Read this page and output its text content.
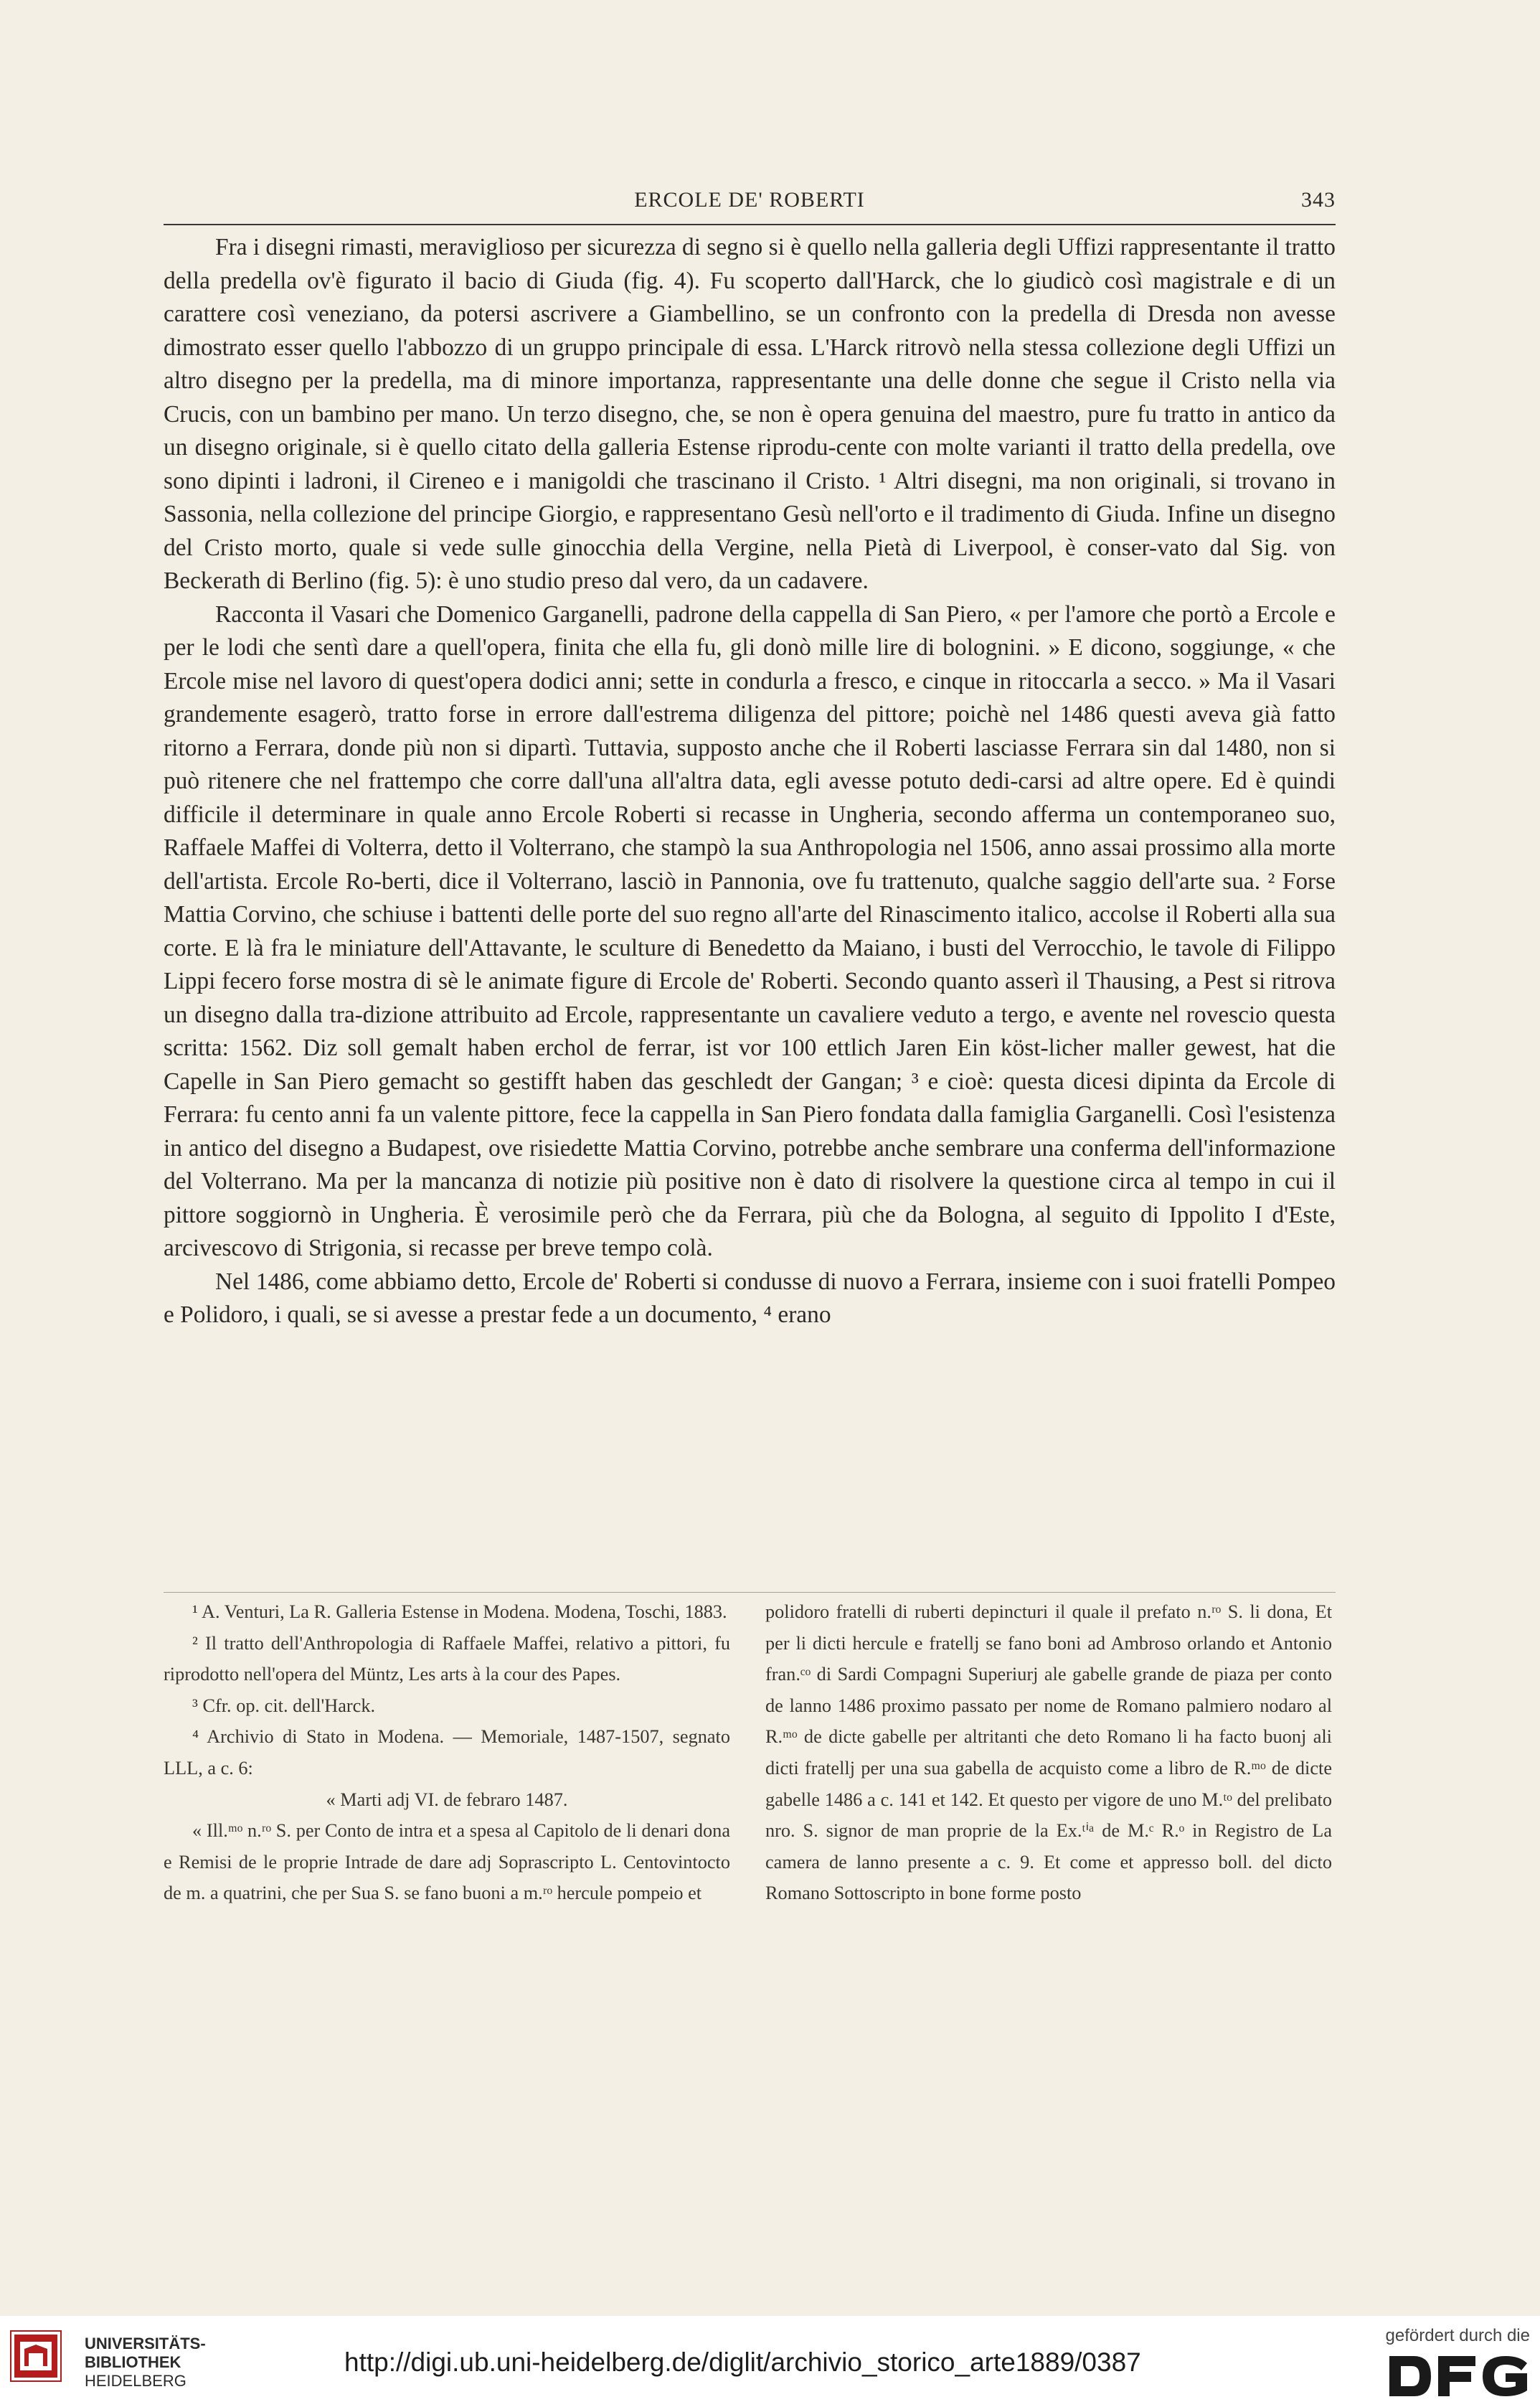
ERCOLE DE' ROBERTI	343

Fra i disegni rimasti, meraviglioso per sicurezza di segno si è quello nella galleria degli Uffizi rappresentante il tratto della predella ov'è figurato il bacio di Giuda (fig. 4). Fu scoperto dall'Harck, che lo giudicò così magistrale e di un carattere così veneziano, da potersi ascrivere a Giambellino, se un confronto con la predella di Dresda non avesse dimostrato esser quello l'abbozzo di un gruppo principale di essa. L'Harck ritrovò nella stessa collezione degli Uffizi un altro disegno per la predella, ma di minore importanza, rappresentante una delle donne che segue il Cristo nella via Crucis, con un bambino per mano. Un terzo disegno, che, se non è opera genuina del maestro, pure fu tratto in antico da un disegno originale, si è quello citato della galleria Estense riprodu-cente con molte varianti il tratto della predella, ove sono dipinti i ladroni, il Cireneo e i manigoldi che trascinano il Cristo. ¹ Altri disegni, ma non originali, si trovano in Sassonia, nella collezione del principe Giorgio, e rappresentano Gesù nell'orto e il tradimento di Giuda. Infine un disegno del Cristo morto, quale si vede sulle ginocchia della Vergine, nella Pietà di Liverpool, è conser-vato dal Sig. von Beckerath di Berlino (fig. 5): è uno studio preso dal vero, da un cadavere.

Racconta il Vasari che Domenico Garganelli, padrone della cappella di San Piero, « per l'amore che portò a Ercole e per le lodi che sentì dare a quell'opera, finita che ella fu, gli donò mille lire di bolognini. » E dicono, soggiunge, « che Ercole mise nel lavoro di quest'opera dodici anni; sette in condurla a fresco, e cinque in ritoccarla a secco. » Ma il Vasari grandemente esagerò, tratto forse in errore dall'estrema diligenza del pittore; poichè nel 1486 questi aveva già fatto ritorno a Ferrara, donde più non si dipartì. Tuttavia, supposto anche che il Roberti lasciasse Ferrara sin dal 1480, non si può ritenere che nel frattempo che corre dall'una all'altra data, egli avesse potuto dedi-carsi ad altre opere. Ed è quindi difficile il determinare in quale anno Ercole Roberti si recasse in Ungheria, secondo afferma un contemporaneo suo, Raffaele Maffei di Volterra, detto il Volterrano, che stampò la sua Anthropologia nel 1506, anno assai prossimo alla morte dell'artista. Ercole Ro-berti, dice il Volterrano, lasciò in Pannonia, ove fu trattenuto, qualche saggio dell'arte sua. ² Forse Mattia Corvino, che schiuse i battenti delle porte del suo regno all'arte del Rinascimento italico, accolse il Roberti alla sua corte. E là fra le miniature dell'Attavante, le sculture di Benedetto da Maiano, i busti del Verrocchio, le tavole di Filippo Lippi fecero forse mostra di sè le animate figure di Ercole de' Roberti. Secondo quanto asserì il Thausing, a Pest si ritrova un disegno dalla tra-dizione attribuito ad Ercole, rappresentante un cavaliere veduto a tergo, e avente nel rovescio questa scritta: 1562. Diz soll gemalt haben erchol de ferrar, ist vor 100 ettlich Jaren Ein köst-licher maller gewest, hat die Capelle in San Piero gemacht so gestifft haben das geschledt der Gangan; ³ e cioè: questa dicesi dipinta da Ercole di Ferrara: fu cento anni fa un valente pittore, fece la cappella in San Piero fondata dalla famiglia Garganelli. Così l'esistenza in antico del disegno a Budapest, ove risiedette Mattia Corvino, potrebbe anche sembrare una conferma dell'informazione del Volterrano. Ma per la mancanza di notizie più positive non è dato di risolvere la questione circa al tempo in cui il pittore soggiornò in Ungheria. È verosimile però che da Ferrara, più che da Bologna, al seguito di Ippolito I d'Este, arcivescovo di Strigonia, si recasse per breve tempo colà.

Nel 1486, come abbiamo detto, Ercole de' Roberti si condusse di nuovo a Ferrara, insieme con i suoi fratelli Pompeo e Polidoro, i quali, se si avesse a prestar fede a un documento, ⁴ erano

¹ A. Venturi, La R. Galleria Estense in Modena. Modena, Toschi, 1883.

² Il tratto dell'Anthropologia di Raffaele Maffei, relativo a pittori, fu riprodotto nell'opera del Müntz, Les arts à la cour des Papes.

³ Cfr. op. cit. dell'Harck.

⁴ Archivio di Stato in Modena. — Memoriale, 1487-1507, segnato LLL, a c. 6:

« Marti adj VI. de febraro 1487.

« Ill.ᵐᵒ n.ʳᵒ S. per Conto de intra et a spesa al Capitolo de li denari dona e Remisi de le proprie Intrade de dare adj Soprascripto L. Centovintocto de m. a quatrini, che per Sua S. se fano buoni a m.ʳᵒ hercule pompeio et

polidoro fratelli di ruberti depincturi il quale il prefato n.ʳᵒ S. li dona, Et per li dicti hercule e fratellj se fano boni ad Ambroso orlando et Antonio fran.ᶜᵒ di Sardi Compagni Superiurj ale gabelle grande de piaza per conto de lanno 1486 proximo passato per nome de Romano palmiero nodaro al R.ᵐᵒ de dicte gabelle per altritanti che deto Romano li ha facto buonj ali dicti fratellj per una sua gabella de acquisto come a libro de R.ᵐᵒ de dicte gabelle 1486 a c. 141 et 142. Et questo per vigore de uno M.ᵗᵒ del prelibato nro. S. signor de man proprie de la Ex.ᵗⁱᵃ de M.ᶜ R.ᵒ in Registro de La camera de lanno presente a c. 9. Et come et appresso boll. del dicto Romano Sottoscripto in bone forme posto

UNIVERSITÄTS-
BIBLIOTHEK
HEIDELBERG
http://digi.ub.uni-heidelberg.de/diglit/archivio_storico_arte1889/0387
gefördert durch die
